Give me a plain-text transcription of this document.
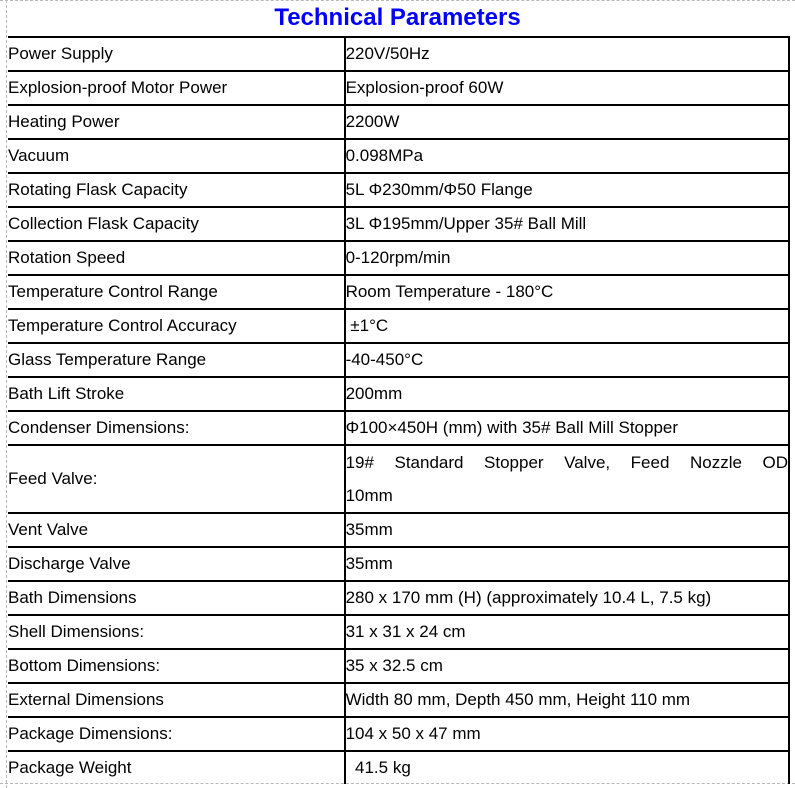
Technical Parameters
Power Supply	220V/50Hz
Explosion-proof Motor Power	Explosion-proof 60W
Heating Power	2200W
Vacuum	0.098MPa
Rotating Flask Capacity	5L Φ230mm/Φ50 Flange
Collection Flask Capacity	3L Φ195mm/Upper 35# Ball Mill
Rotation Speed	0-120rpm/min
Temperature Control Range	Room Temperature - 180°C
Temperature Control Accuracy	±1°C
Glass Temperature Range	-40-450°C
Bath Lift Stroke	200mm
Condenser Dimensions:	Φ100×450H (mm) with 35# Ball Mill Stopper
Feed Valve:	19# Standard Stopper Valve, Feed Nozzle OD
10mm

Vent Valve	35mm
Discharge Valve	35mm
Bath Dimensions	280 x 170 mm (H) (approximately 10.4 L, 7.5 kg)
Shell Dimensions:	31 x 31 x 24 cm
Bottom Dimensions:	35 x 32.5 cm
External Dimensions	Width 80 mm, Depth 450 mm, Height 110 mm
Package Dimensions:	104 x 50 x 47 mm
Package Weight	41.5 kg
